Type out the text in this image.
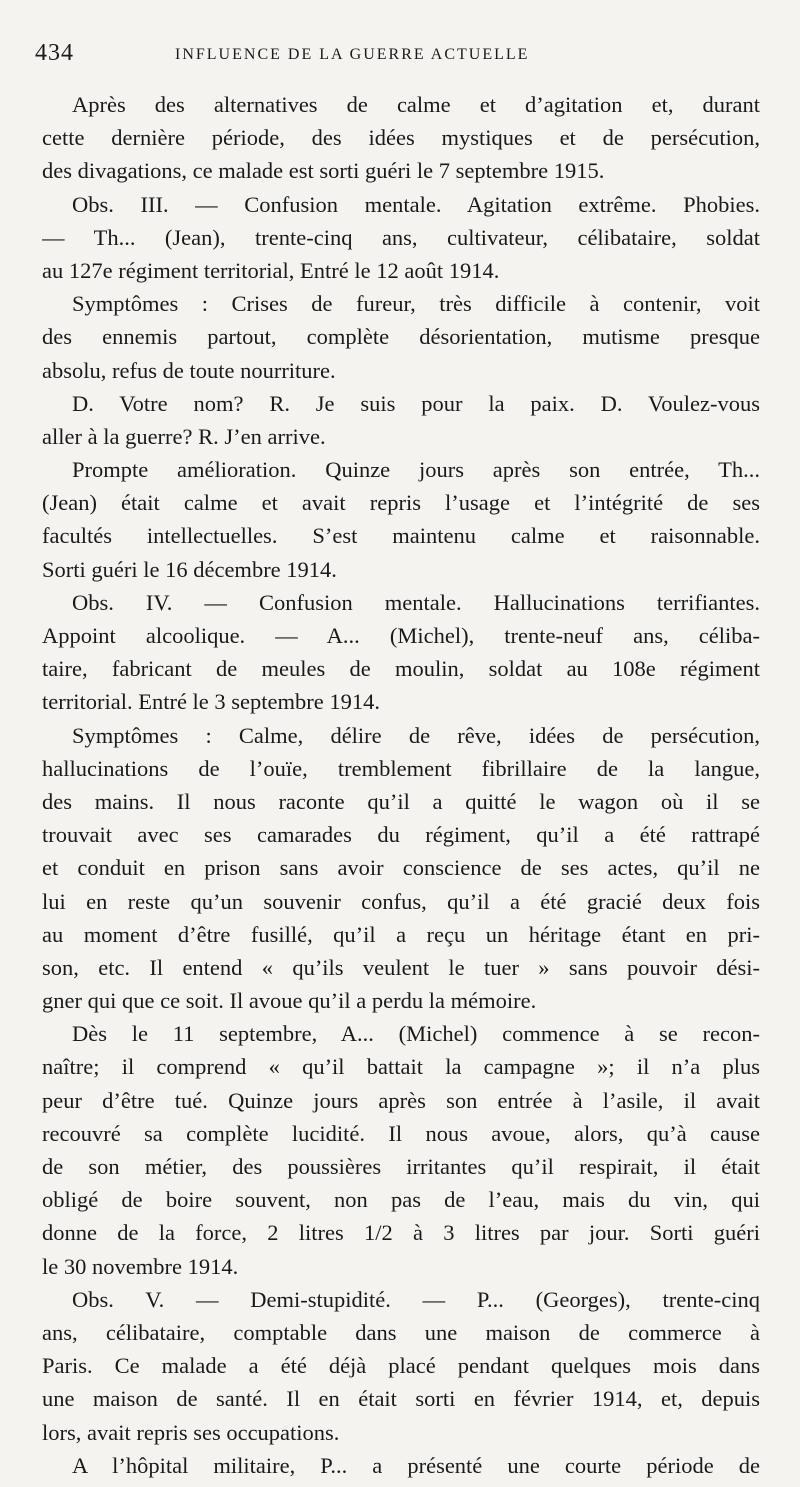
434	INFLUENCE DE LA GUERRE ACTUELLE
Après des alternatives de calme et d’agitation et, durant
cette dernière période, des idées mystiques et de persécution,
des divagations, ce malade est sorti guéri le 7 septembre 1915.
Obs. III. — Confusion mentale. Agitation extrême. Phobies.
— Th... (Jean), trente-cinq ans, cultivateur, célibataire, soldat
au 127e régiment territorial, Entré le 12 août 1914.
Symptômes : Crises de fureur, très difficile à contenir, voit
des ennemis partout, complète désorientation, mutisme presque
absolu, refus de toute nourriture.
D. Votre nom? R. Je suis pour la paix. D. Voulez-vous
aller à la guerre? R. J’en arrive.
Prompte amélioration. Quinze jours après son entrée, Th...
(Jean) était calme et avait repris l’usage et l’intégrité de ses
facultés intellectuelles. S’est maintenu calme et raisonnable.
Sorti guéri le 16 décembre 1914.
Obs. IV. — Confusion mentale. Hallucinations terrifiantes.
Appoint alcoolique. — A... (Michel), trente-neuf ans, céliba-
taire, fabricant de meules de moulin, soldat au 108e régiment
territorial. Entré le 3 septembre 1914.
Symptômes : Calme, délire de rêve, idées de persécution,
hallucinations de l’ouïe, tremblement fibrillaire de la langue,
des mains. Il nous raconte qu’il a quitté le wagon où il se
trouvait avec ses camarades du régiment, qu’il a été rattrapé
et conduit en prison sans avoir conscience de ses actes, qu’il ne
lui en reste qu’un souvenir confus, qu’il a été gracié deux fois
au moment d’être fusillé, qu’il a reçu un héritage étant en pri-
son, etc. Il entend « qu’ils veulent le tuer » sans pouvoir dési-
gner qui que ce soit. Il avoue qu’il a perdu la mémoire.
Dès le 11 septembre, A... (Michel) commence à se recon-
naître; il comprend « qu’il battait la campagne »; il n’a plus
peur d’être tué. Quinze jours après son entrée à l’asile, il avait
recouvré sa complète lucidité. Il nous avoue, alors, qu’à cause
de son métier, des poussières irritantes qu’il respirait, il était
obligé de boire souvent, non pas de l’eau, mais du vin, qui
donne de la force, 2 litres 1/2 à 3 litres par jour. Sorti guéri
le 30 novembre 1914.
Obs. V. — Demi-stupidité. — P... (Georges), trente-cinq
ans, célibataire, comptable dans une maison de commerce à
Paris. Ce malade a été déjà placé pendant quelques mois dans
une maison de santé. Il en était sorti en février 1914, et, depuis
lors, avait repris ses occupations.
A l’hôpital militaire, P... a présenté une courte période de
